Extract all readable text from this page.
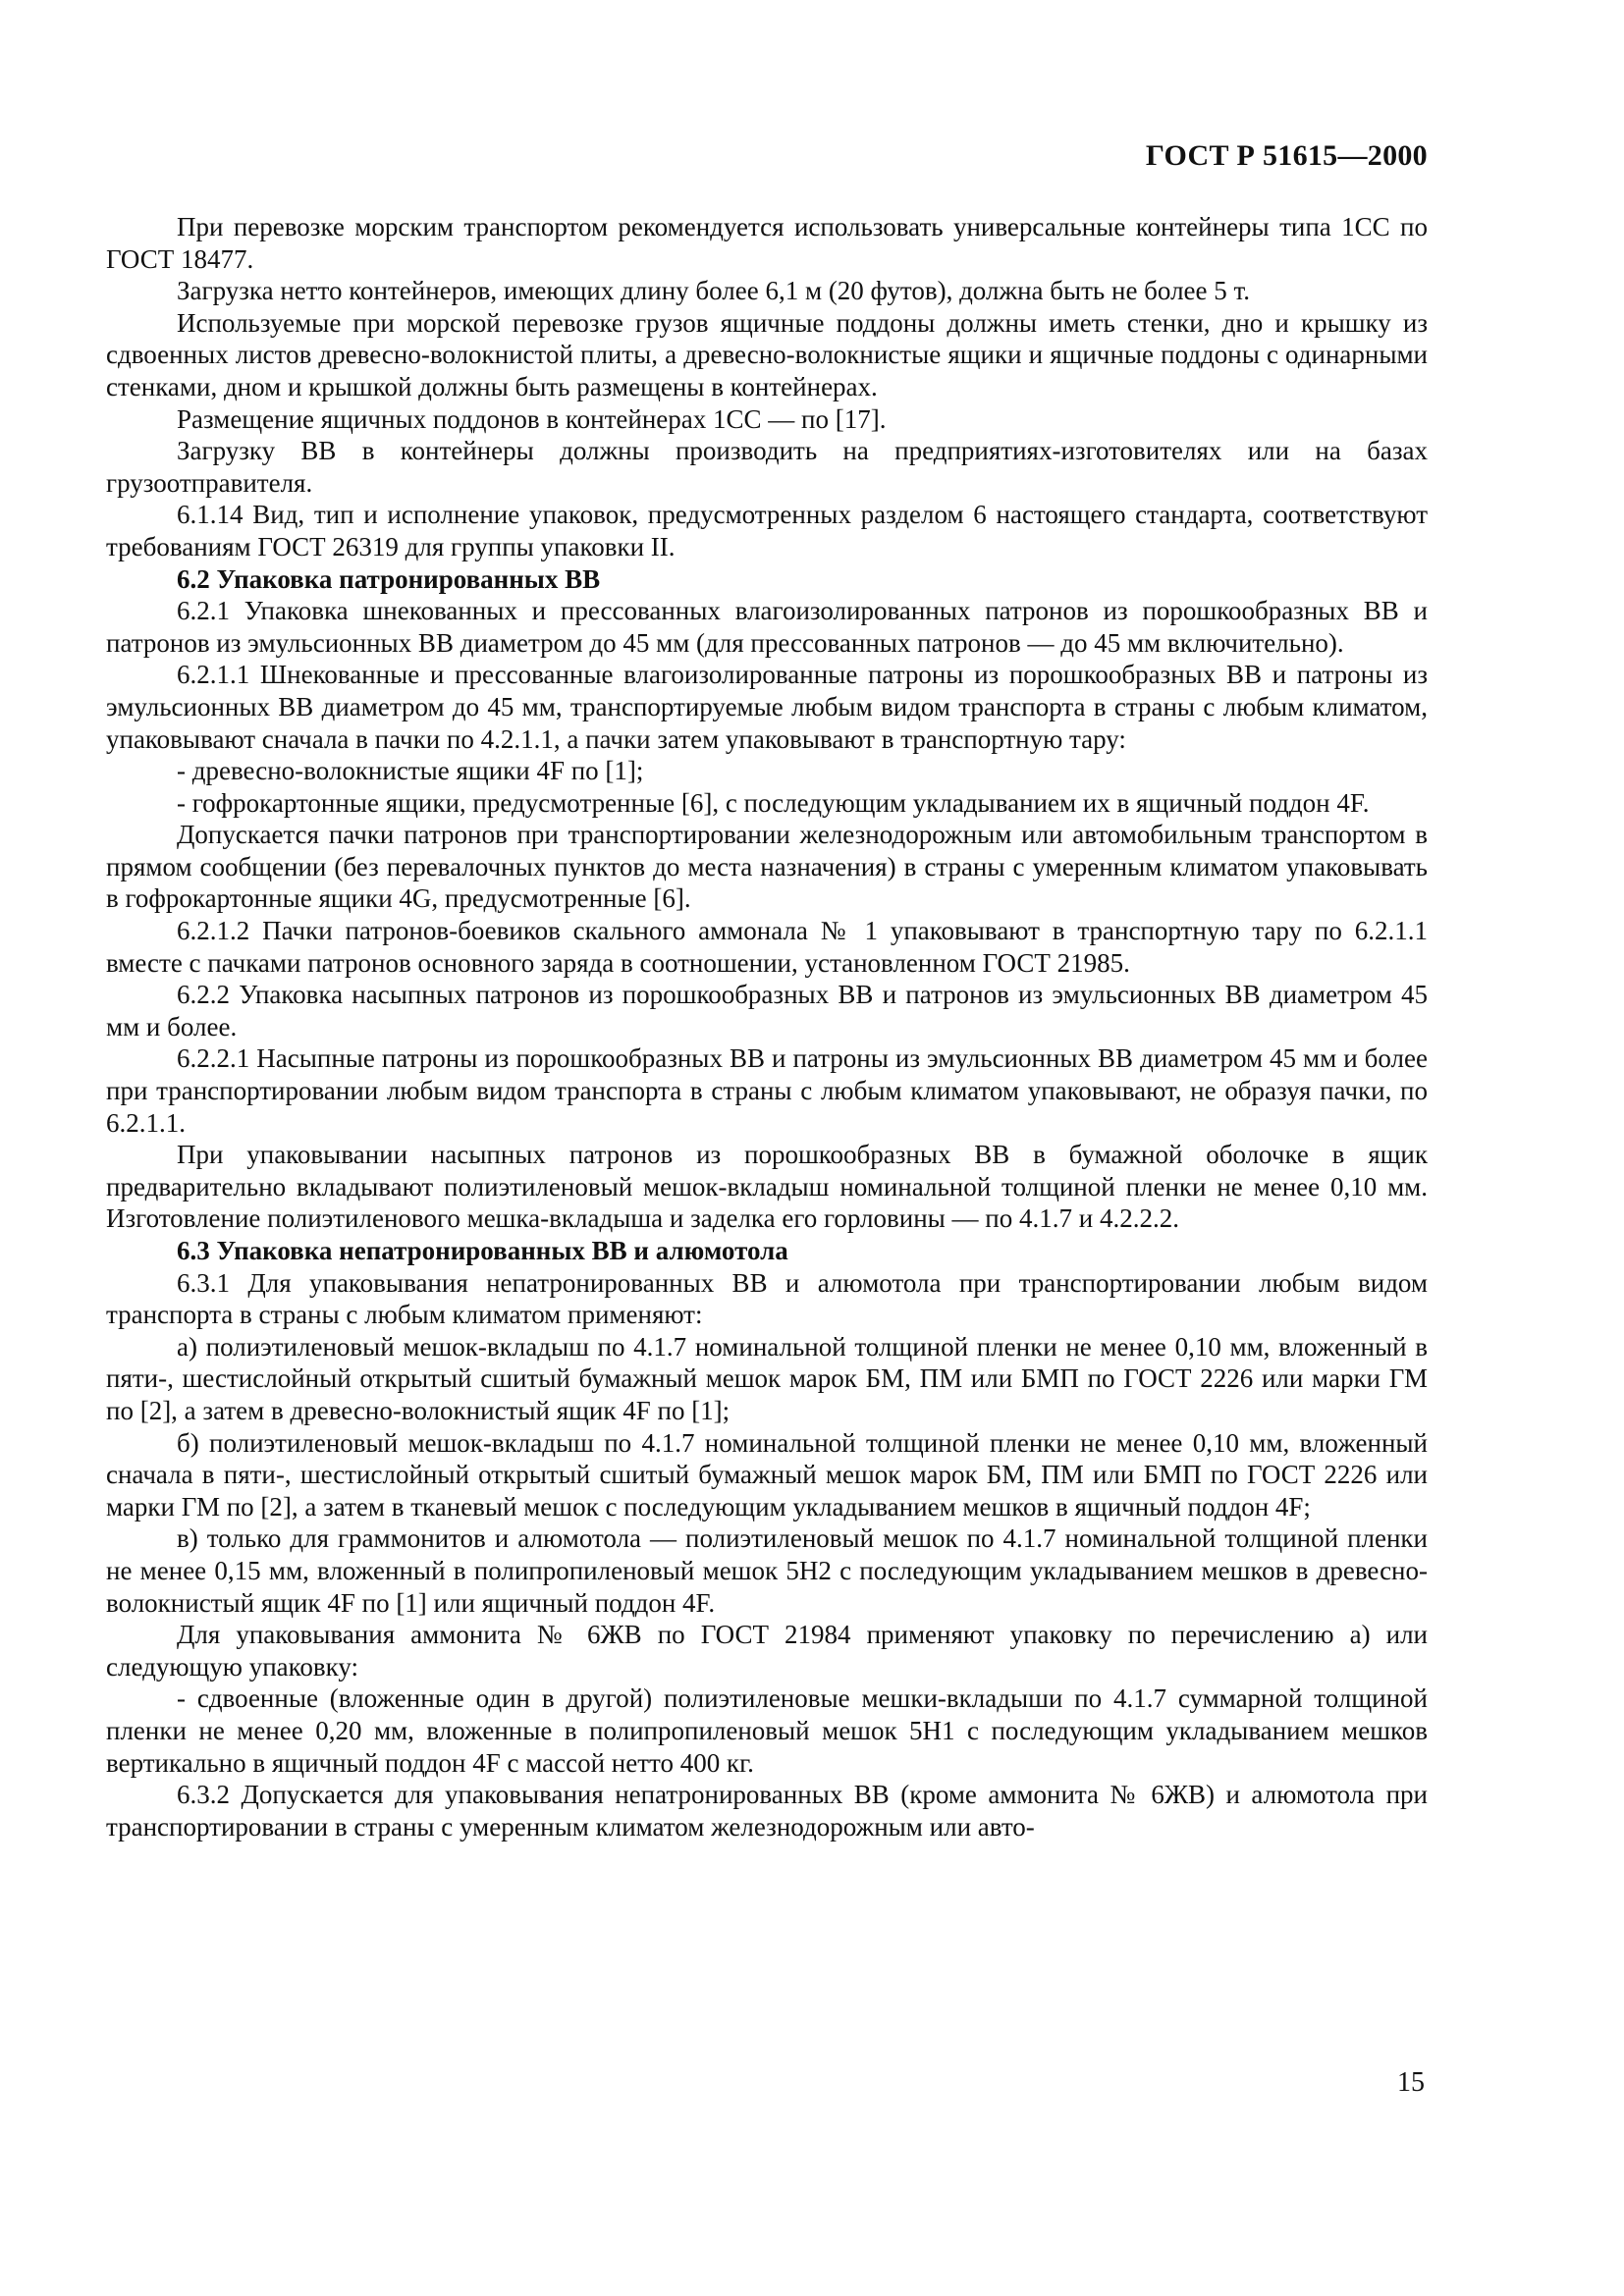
ГОСТ Р 51615—2000

При перевозке морским транспортом рекомендуется использовать универсальные контейнеры типа 1СС по ГОСТ 18477.

Загрузка нетто контейнеров, имеющих длину более 6,1 м (20 футов), должна быть не более 5 т.

Используемые при морской перевозке грузов ящичные поддоны должны иметь стенки, дно и крышку из сдвоенных листов древесно-волокнистой плиты, а древесно-волокнистые ящики и ящичные поддоны с одинарными стенками, дном и крышкой должны быть размещены в контейнерах.

Размещение ящичных поддонов в контейнерах 1СС — по [17].

Загрузку ВВ в контейнеры должны производить на предприятиях-изготовителях или на базах грузоотправителя.

6.1.14 Вид, тип и исполнение упаковок, предусмотренных разделом 6 настоящего стандарта, соответствуют требованиям ГОСТ 26319 для группы упаковки II.

6.2 Упаковка патронированных ВВ

6.2.1 Упаковка шнекованных и прессованных влагоизолированных патронов из порошкообразных ВВ и патронов из эмульсионных ВВ диаметром до 45 мм (для прессованных патронов — до 45 мм включительно).

6.2.1.1 Шнекованные и прессованные влагоизолированные патроны из порошкообразных ВВ и патроны из эмульсионных ВВ диаметром до 45 мм, транспортируемые любым видом транспорта в страны с любым климатом, упаковывают сначала в пачки по 4.2.1.1, а пачки затем упаковывают в транспортную тару:

- древесно-волокнистые ящики 4F по [1];

- гофрокартонные ящики, предусмотренные [6], с последующим укладыванием их в ящичный поддон 4F.

Допускается пачки патронов при транспортировании железнодорожным или автомобильным транспортом в прямом сообщении (без перевалочных пунктов до места назначения) в страны с умеренным климатом упаковывать в гофрокартонные ящики 4G, предусмотренные [6].

6.2.1.2 Пачки патронов-боевиков скального аммонала № 1 упаковывают в транспортную тару по 6.2.1.1 вместе с пачками патронов основного заряда в соотношении, установленном ГОСТ 21985.

6.2.2 Упаковка насыпных патронов из порошкообразных ВВ и патронов из эмульсионных ВВ диаметром 45 мм и более.

6.2.2.1 Насыпные патроны из порошкообразных ВВ и патроны из эмульсионных ВВ диаметром 45 мм и более при транспортировании любым видом транспорта в страны с любым климатом упаковывают, не образуя пачки, по 6.2.1.1.

При упаковывании насыпных патронов из порошкообразных ВВ в бумажной оболочке в ящик предварительно вкладывают полиэтиленовый мешок-вкладыш номинальной толщиной пленки не менее 0,10 мм. Изготовление полиэтиленового мешка-вкладыша и заделка его горловины — по 4.1.7 и 4.2.2.2.

6.3 Упаковка непатронированных ВВ и алюмотола

6.3.1 Для упаковывания непатронированных ВВ и алюмотола при транспортировании любым видом транспорта в страны с любым климатом применяют:

а) полиэтиленовый мешок-вкладыш по 4.1.7 номинальной толщиной пленки не менее 0,10 мм, вложенный в пяти-, шестислойный открытый сшитый бумажный мешок марок БМ, ПМ или БМП по ГОСТ 2226 или марки ГМ по [2], а затем в древесно-волокнистый ящик 4F по [1];

б) полиэтиленовый мешок-вкладыш по 4.1.7 номинальной толщиной пленки не менее 0,10 мм, вложенный сначала в пяти-, шестислойный открытый сшитый бумажный мешок марок БМ, ПМ или БМП по ГОСТ 2226 или марки ГМ по [2], а затем в тканевый мешок с последующим укладыванием мешков в ящичный поддон 4F;

в) только для граммонитов и алюмотола — полиэтиленовый мешок по 4.1.7 номинальной толщиной пленки не менее 0,15 мм, вложенный в полипропиленовый мешок 5Н2 с последующим укладыванием мешков в древесно-волокнистый ящик 4F по [1] или ящичный поддон 4F.

Для упаковывания аммонита № 6ЖВ по ГОСТ 21984 применяют упаковку по перечислению а) или следующую упаковку:

- сдвоенные (вложенные один в другой) полиэтиленовые мешки-вкладыши по 4.1.7 суммарной толщиной пленки не менее 0,20 мм, вложенные в полипропиленовый мешок 5Н1 с последующим укладыванием мешков вертикально в ящичный поддон 4F с массой нетто 400 кг.

6.3.2 Допускается для упаковывания непатронированных ВВ (кроме аммонита № 6ЖВ) и алюмотола при транспортировании в страны с умеренным климатом железнодорожным или авто-

15
